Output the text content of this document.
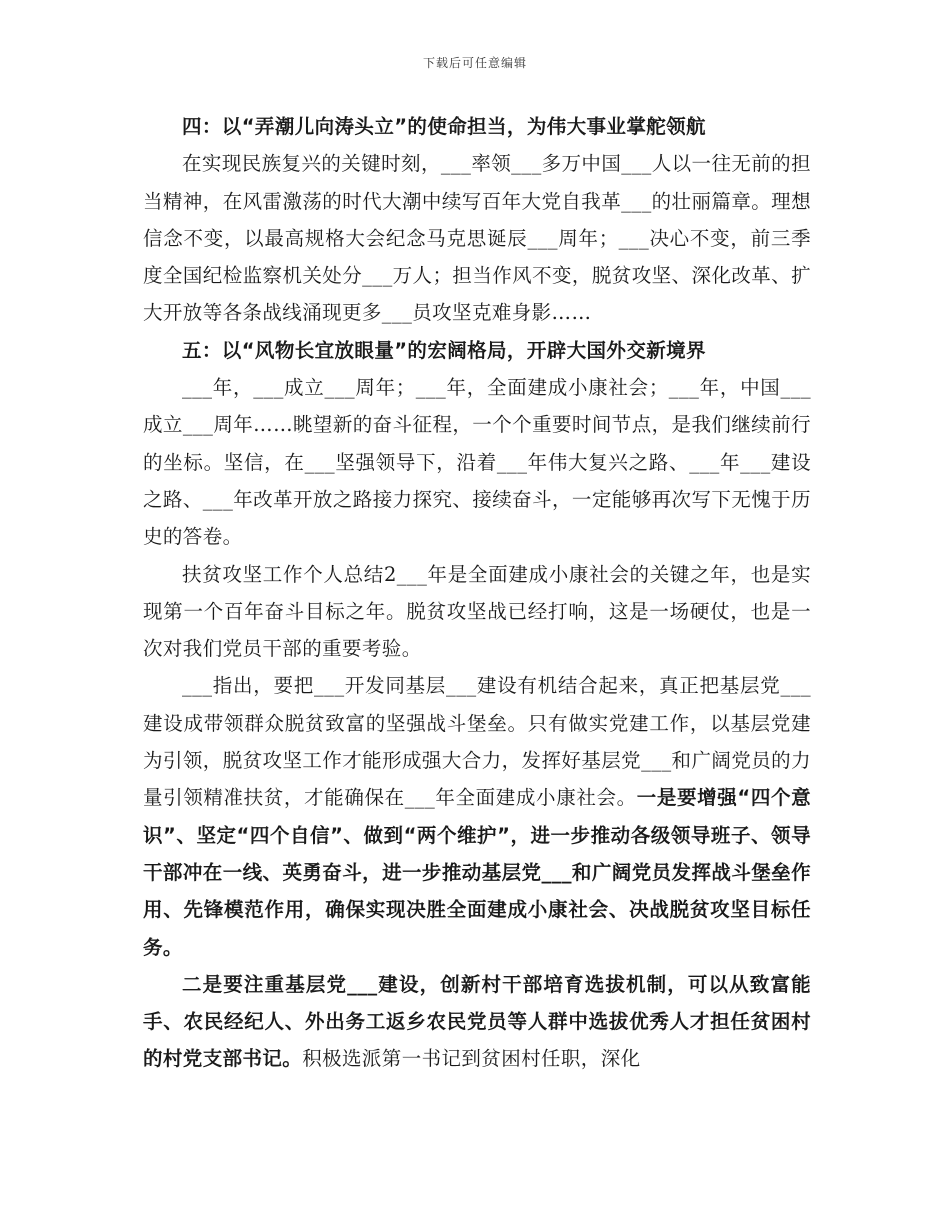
下载后可任意编辑

四：以“弄潮儿向涛头立”的使命担当，为伟大事业掌舵领航

在实现民族复兴的关键时刻，___率领___多万中国___人以一往无前的担当精神，在风雷激荡的时代大潮中续写百年大党自我革___的壮丽篇章。理想信念不变，以最高规格大会纪念马克思诞辰___周年；___决心不变，前三季度全国纪检监察机关处分___万人；担当作风不变，脱贫攻坚、深化改革、扩大开放等各条战线涌现更多___员攻坚克难身影……

五：以“风物长宜放眼量”的宏阔格局，开辟大国外交新境界

___年，___成立___周年；___年，全面建成小康社会；___年，中国___成立___周年……眺望新的奋斗征程，一个个重要时间节点，是我们继续前行的坐标。坚信，在___坚强领导下，沿着___年伟大复兴之路、___年___建设之路、___年改革开放之路接力探究、接续奋斗，一定能够再次写下无愧于历史的答卷。

扶贫攻坚工作个人总结2___年是全面建成小康社会的关键之年，也是实现第一个百年奋斗目标之年。脱贫攻坚战已经打响，这是一场硬仗，也是一次对我们党员干部的重要考验。

___指出，要把___开发同基层___建设有机结合起来，真正把基层党___建设成带领群众脱贫致富的坚强战斗堡垒。只有做实党建工作，以基层党建为引领，脱贫攻坚工作才能形成强大合力，发挥好基层党___和广阔党员的力量引领精准扶贫，才能确保在___年全面建成小康社会。一是要增强“四个意识”、坚定“四个自信”、做到“两个维护”，进一步推动各级领导班子、领导干部冲在一线、英勇奋斗，进一步推动基层党___和广阔党员发挥战斗堡垒作用、先锋模范作用，确保实现决胜全面建成小康社会、决战脱贫攻坚目标任务。

二是要注重基层党___建设，创新村干部培育选拔机制，可以从致富能手、农民经纪人、外出务工返乡农民党员等人群中选拔优秀人才担任贫困村的村党支部书记。积极选派第一书记到贫困村任职，深化
